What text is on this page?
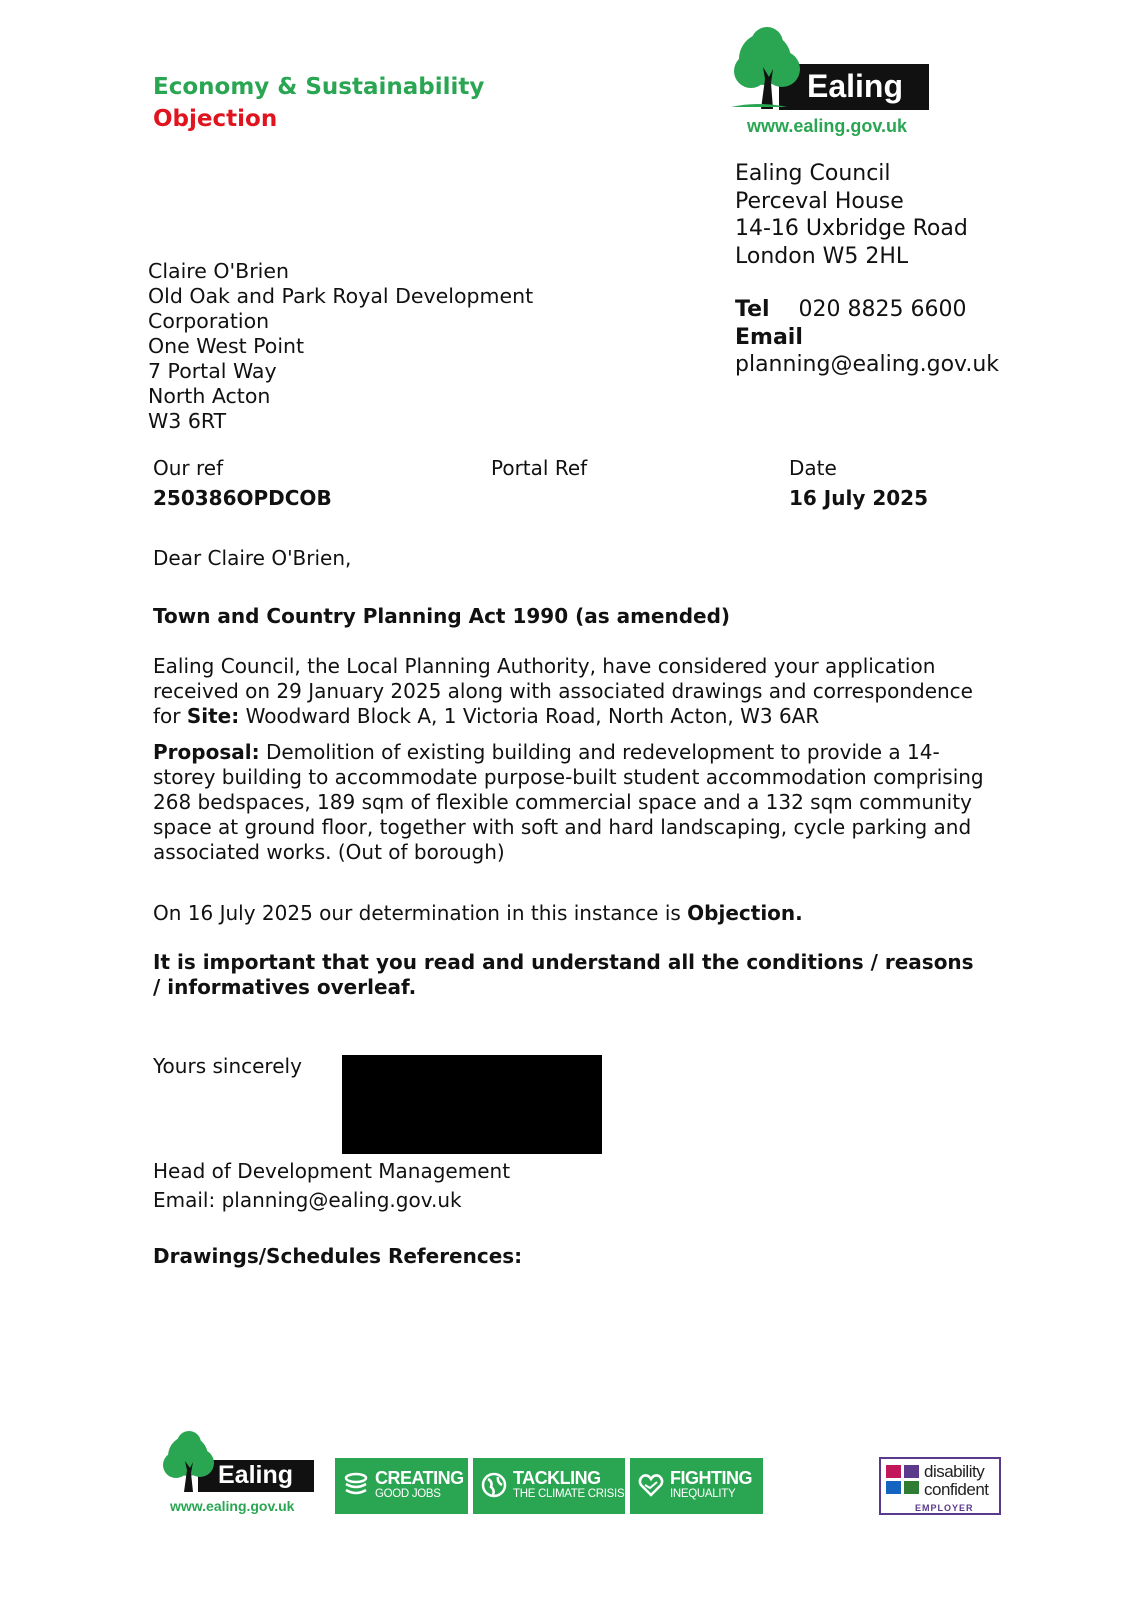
Economy & Sustainability
Objection
Ealing
www.ealing.gov.uk
Ealing Council
Perceval House
14-16 Uxbridge Road
London W5 2HL
Tel 020 8825 6600
Email
planning@ealing.gov.uk
Claire O'Brien
Old Oak and Park Royal Development
Corporation
One West Point
7 Portal Way
North Acton
W3 6RT
Our ref
250386OPDCOB
Portal Ref	Date
16 July 2025
Dear Claire O'Brien,
Town and Country Planning Act 1990 (as amended)
Ealing Council, the Local Planning Authority, have considered your application
received on 29 January 2025 along with associated drawings and correspondence
for Site: Woodward Block A, 1 Victoria Road, North Acton, W3 6AR
Proposal: Demolition of existing building and redevelopment to provide a 14-
storey building to accommodate purpose-built student accommodation comprising
268 bedspaces, 189 sqm of flexible commercial space and a 132 sqm community
space at ground floor, together with soft and hard landscaping, cycle parking and
associated works. (Out of borough)
On 16 July 2025 our determination in this instance is Objection.
It is important that you read and understand all the conditions / reasons
/ informatives overleaf.
Yours sincerely
Head of Development Management
Email: planning@ealing.gov.uk
Drawings/Schedules References:
Ealing
www.ealing.gov.uk
CREATING
GOOD JOBS
TACKLING
THE CLIMATE CRISIS
FIGHTING
INEQUALITY
disability
confident
EMPLOYER
